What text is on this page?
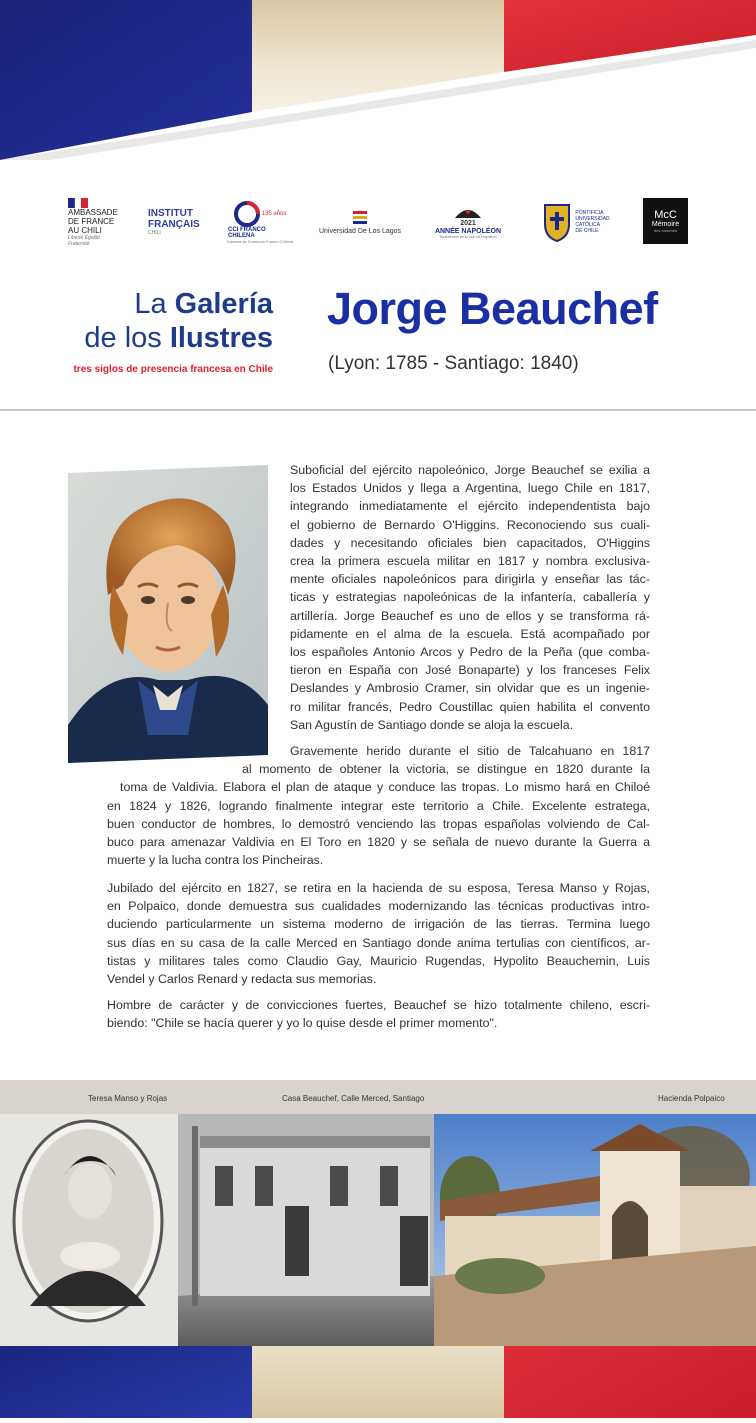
AMBASSADE
DE FRANCE
AU CHILI
Liberté Égalité Fraternité
INSTITUT
FRANÇAIS
CHILI
135 años
CCI FRANCO CHILENA
Cámara de Comercio Franco Chilena
Universidad De Los Lagos
2021
ANNÉE NAPOLÉON
Bicentenaire de la mort de Napoléon
PONTIFICIA
UNIVERSIDAD
CATÓLICA
DE CHILE
McC
Mémoire
des hommes
La Galería
de los Ilustres
tres siglos de presencia francesa en Chile
Jorge Beauchef
(Lyon: 1785 - Santiago: 1840)
Suboficial del ejército napoleónico, Jorge Beauchef se exilia a
los Estados Unidos y llega a Argentina, luego Chile en 1817,
integrando inmediatamente el ejército independentista bajo
el gobierno de Bernardo O'Higgins. Reconociendo sus cuali-
dades y necesitando oficiales bien capacitados, O'Higgins
crea la primera escuela militar en 1817 y nombra exclusiva-
mente oficiales napoleónicos para dirigirla y enseñar las tác-
ticas y estrategias napoleónicas de la infantería, caballería y
artillería. Jorge Beauchef es uno de ellos y se transforma rá-
pidamente en el alma de la escuela. Está acompañado por
los españoles Antonio Arcos y Pedro de la Peña (que comba-
tieron en España con José Bonaparte) y los franceses Felix
Deslandes y Ambrosio Cramer, sin olvidar que es un ingenie-
ro militar francés, Pedro Coustillac quien habilita el convento
San Agustín de Santiago donde se aloja la escuela.
Gravemente herido durante el sitio de Talcahuano en 1817
al momento de obtener la victoria, se distingue en 1820 durante la
toma de Valdivia. Elabora el plan de ataque y conduce las tropas. Lo mismo hará en Chiloé
en 1824 y 1826, logrando finalmente integrar este territorio a Chile. Excelente estratega,
buen conductor de hombres, lo demostró venciendo las tropas españolas volviendo de Cal-
buco para amenazar Valdivia en El Toro en 1820 y se señala de nuevo durante la Guerra a
muerte y la lucha contra los Pincheiras.
Jubilado del ejército en 1827, se retira en la hacienda de su esposa, Teresa Manso y Rojas,
en Polpaico, donde demuestra sus cualidades modernizando las técnicas productivas intro-
duciendo particularmente un sistema moderno de irrigación de las tierras. Termina luego
sus días en su casa de la calle Merced en Santiago donde anima tertulias con científicos, ar-
tistas y militares tales como Claudio Gay, Mauricio Rugendas, Hypolito Beauchemin, Luis
Vendel y Carlos Renard y redacta sus memorias.
Hombre de carácter y de convicciones fuertes, Beauchef se hizo totalmente chileno, escri-
biendo: "Chile se hacía querer y yo lo quise desde el primer momento".
Teresa Manso y Rojas	Casa Beauchef, Calle Merced, Santiago	Hacienda Polpaico
